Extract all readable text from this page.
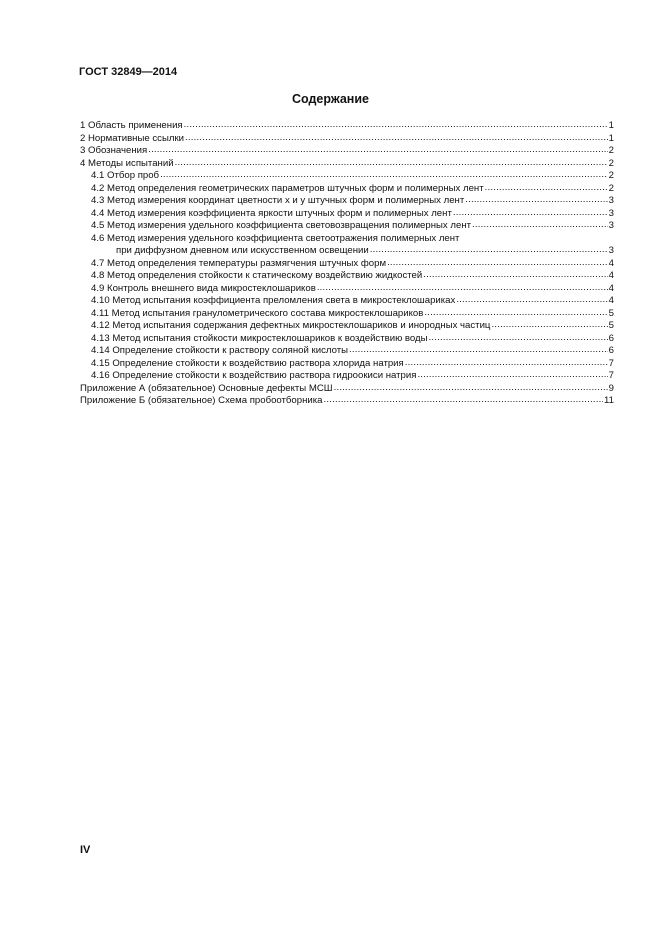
ГОСТ 32849—2014
Содержание
1 Область применения .....	1
2 Нормативные ссылки .....	1
3 Обозначения .....	2
4 Методы испытаний .....	2
4.1 Отбор проб .....	2
4.2 Метод определения геометрических параметров штучных форм и полимерных лент .....	2
4.3 Метод измерения координат цветности x и y штучных форм и полимерных лент .....	3
4.4 Метод измерения коэффициента яркости штучных форм и полимерных лент .....	3
4.5 Метод измерения удельного коэффициента световозвращения полимерных лент .....	3
4.6 Метод измерения удельного коэффициента светоотражения полимерных лент
при диффузном дневном или искусственном освещении .....	3
4.7 Метод определения температуры размягчения штучных форм .....	4
4.8 Метод определения стойкости к статическому воздействию жидкостей .....	4
4.9 Контроль внешнего вида микростеклошариков .....	4
4.10 Метод испытания коэффициента преломления света в микростеклошариках .....	4
4.11 Метод испытания гранулометрического состава микростеклошариков .....	5
4.12 Метод испытания содержания дефектных микростеклошариков и инородных частиц .....	5
4.13 Метод испытания стойкости микростеклошариков к воздействию воды .....	6
4.14 Определение стойкости к раствору соляной кислоты .....	6
4.15 Определение стойкости к воздействию раствора хлорида натрия .....	7
4.16 Определение стойкости к воздействию раствора гидроокиси натрия .....	7
Приложение А (обязательное) Основные дефекты МСШ .....	9
Приложение Б (обязательное) Схема пробоотборника .....	11
IV
